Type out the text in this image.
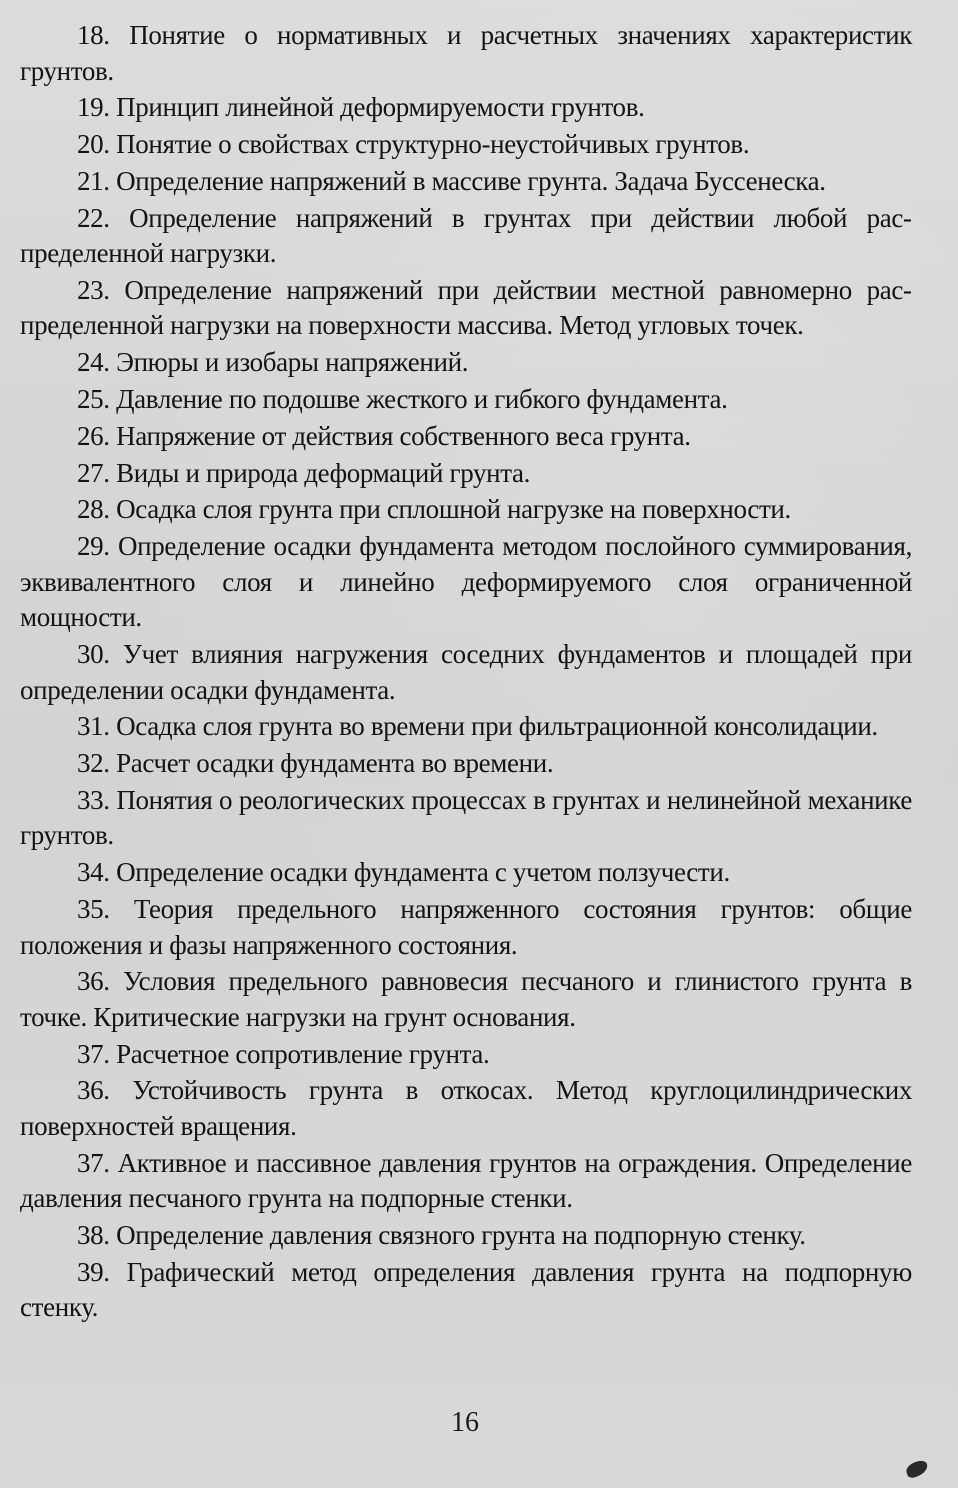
18. Понятие о нормативных и расчетных значениях характеристик грунтов.

19. Принцип линейной деформируемости грунтов.

20. Понятие о свойствах структурно-неустойчивых грунтов.

21. Определение напряжений в массиве грунта. Задача Буссенеска.

22. Определение напряжений в грунтах при действии любой распределенной нагрузки.

23. Определение напряжений при действии местной равномерно распределенной нагрузки на поверхности массива. Метод угловых точек.

24. Эпюры и изобары напряжений.

25. Давление по подошве жесткого и гибкого фундамента.

26. Напряжение от действия собственного веса грунта.

27. Виды и природа деформаций грунта.

28. Осадка слоя грунта при сплошной нагрузке на поверхности.

29. Определение осадки фундамента методом послойного суммирования, эквивалентного слоя и линейно деформируемого слоя ограниченной мощности.

30. Учет влияния нагружения соседних фундаментов и площадей при определении осадки фундамента.

31. Осадка слоя грунта во времени при фильтрационной консолидации.

32. Расчет осадки фундамента во времени.

33. Понятия о реологических процессах в грунтах и нелинейной механике грунтов.

34. Определение осадки фундамента с учетом ползучести.

35. Теория предельного напряженного состояния грунтов: общие положения и фазы напряженного состояния.

36. Условия предельного равновесия песчаного и глинистого грунта в точке. Критические нагрузки на грунт основания.

37. Расчетное сопротивление грунта.

36. Устойчивость грунта в откосах. Метод круглоцилиндрических поверхностей вращения.

37. Активное и пассивное давления грунтов на ограждения. Определение давления песчаного грунта на подпорные стенки.

38. Определение давления связного грунта на подпорную стенку.

39. Графический метод определения давления грунта на подпорную стенку.

16
